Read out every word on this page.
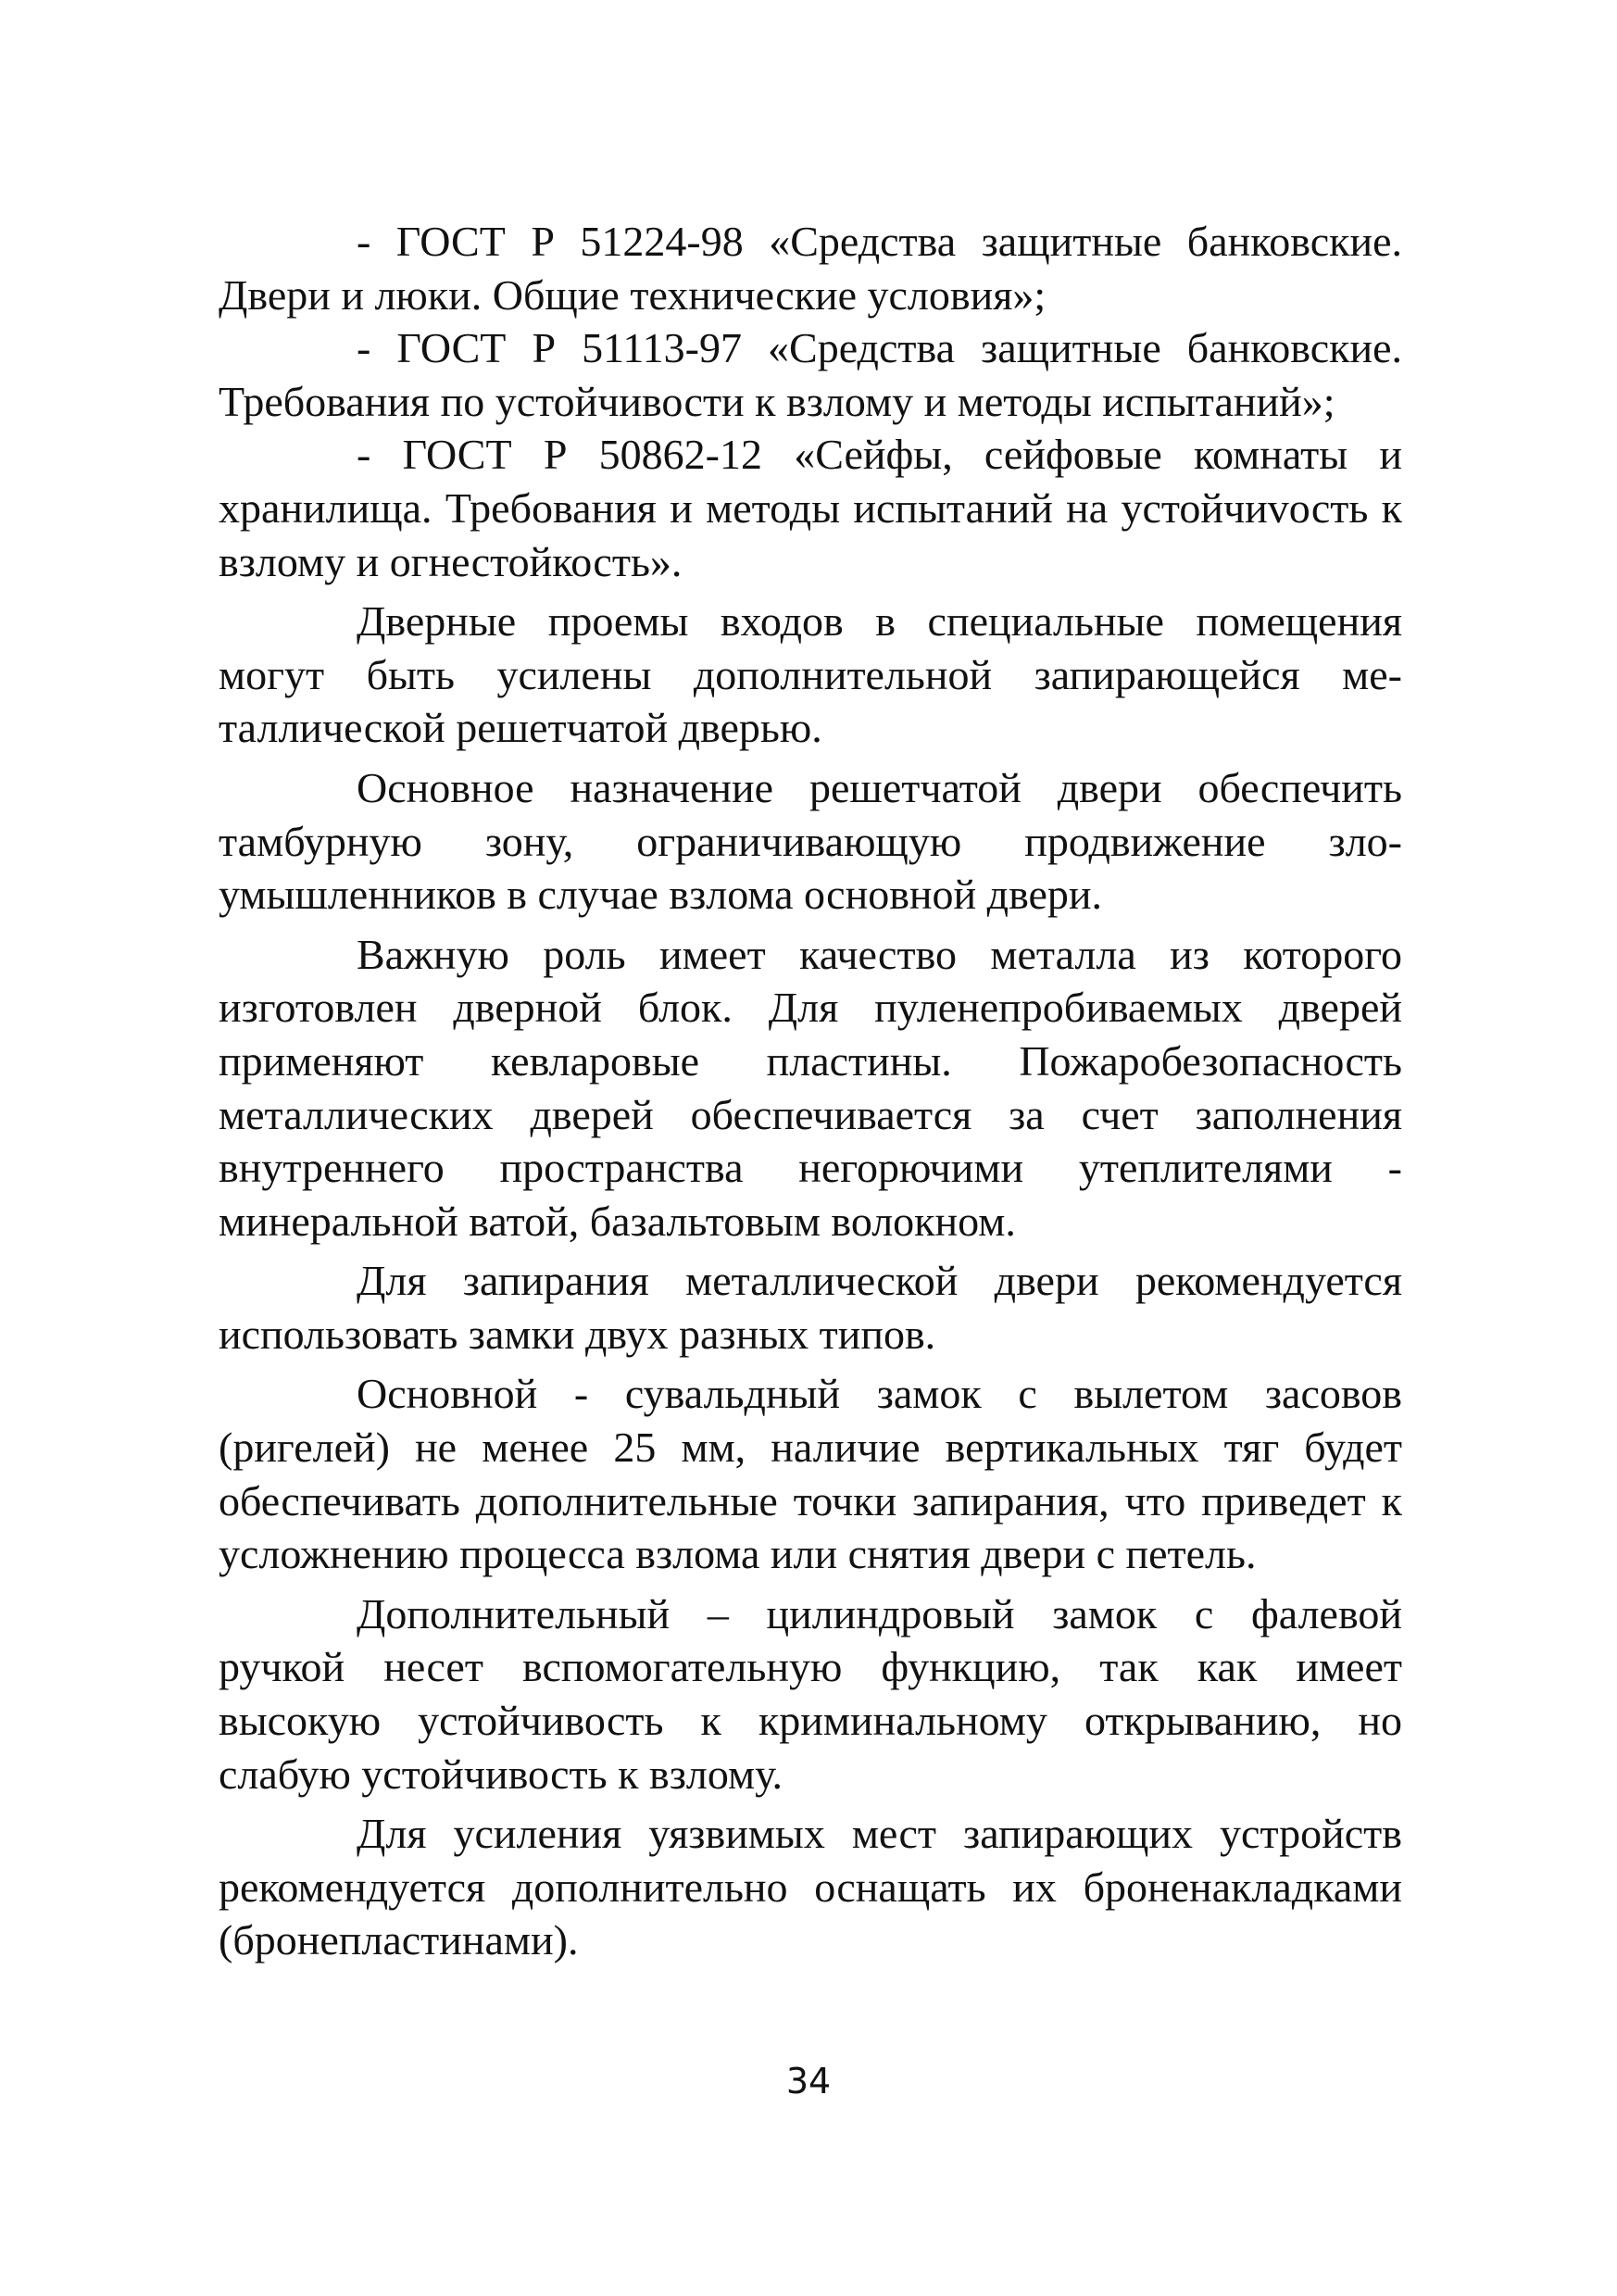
- ГОСТ Р 51224-98 «Средства защитные банковские. Двери и люки. Общие технические условия»;

- ГОСТ Р 51113-97 «Средства защитные банковские. Требования по устойчивости к взлому и методы испытаний»;

- ГОСТ Р 50862-12 «Сейфы, сейфовые комнаты и хранилища. Требования и методы испытаний на устойчиvость к взлому и огнестойкость».

Дверные проемы входов в специальные помещения могут быть усилены дополнительной запирающейся металлической решетчатой дверью.

Основное назначение решетчатой двери обеспечить тамбурную зону, ограничивающую продвижение злоумышленников в случае взлома основной двери.

Важную роль имеет качество металла из которого изготовлен дверной блок. Для пуленепробиваемых дверей применяют кевларовые пластины. Пожаробезопасность металлических дверей обеспечивается за счет заполнения внутреннего пространства негорючими утеплителями - минеральной ватой, базальтовым волокном.

Для запирания металлической двери рекомендуется использовать замки двух разных типов.

Основной - сувальдный замок с вылетом засовов (ригелей) не менее 25 мм, наличие вертикальных тяг будет обеспечивать дополнительные точки запирания, что приведет к усложнению процесса взлома или снятия двери с петель.

Дополнительный – цилиндровый замок с фалевой ручкой несет вспомогательную функцию, так как имеет высокую устойчивость к криминальному открыванию, но слабую устойчивость к взлому.

Для усиления уязвимых мест запирающих устройств рекомендуется дополнительно оснащать их броненакладками (бронепластинами).

34
